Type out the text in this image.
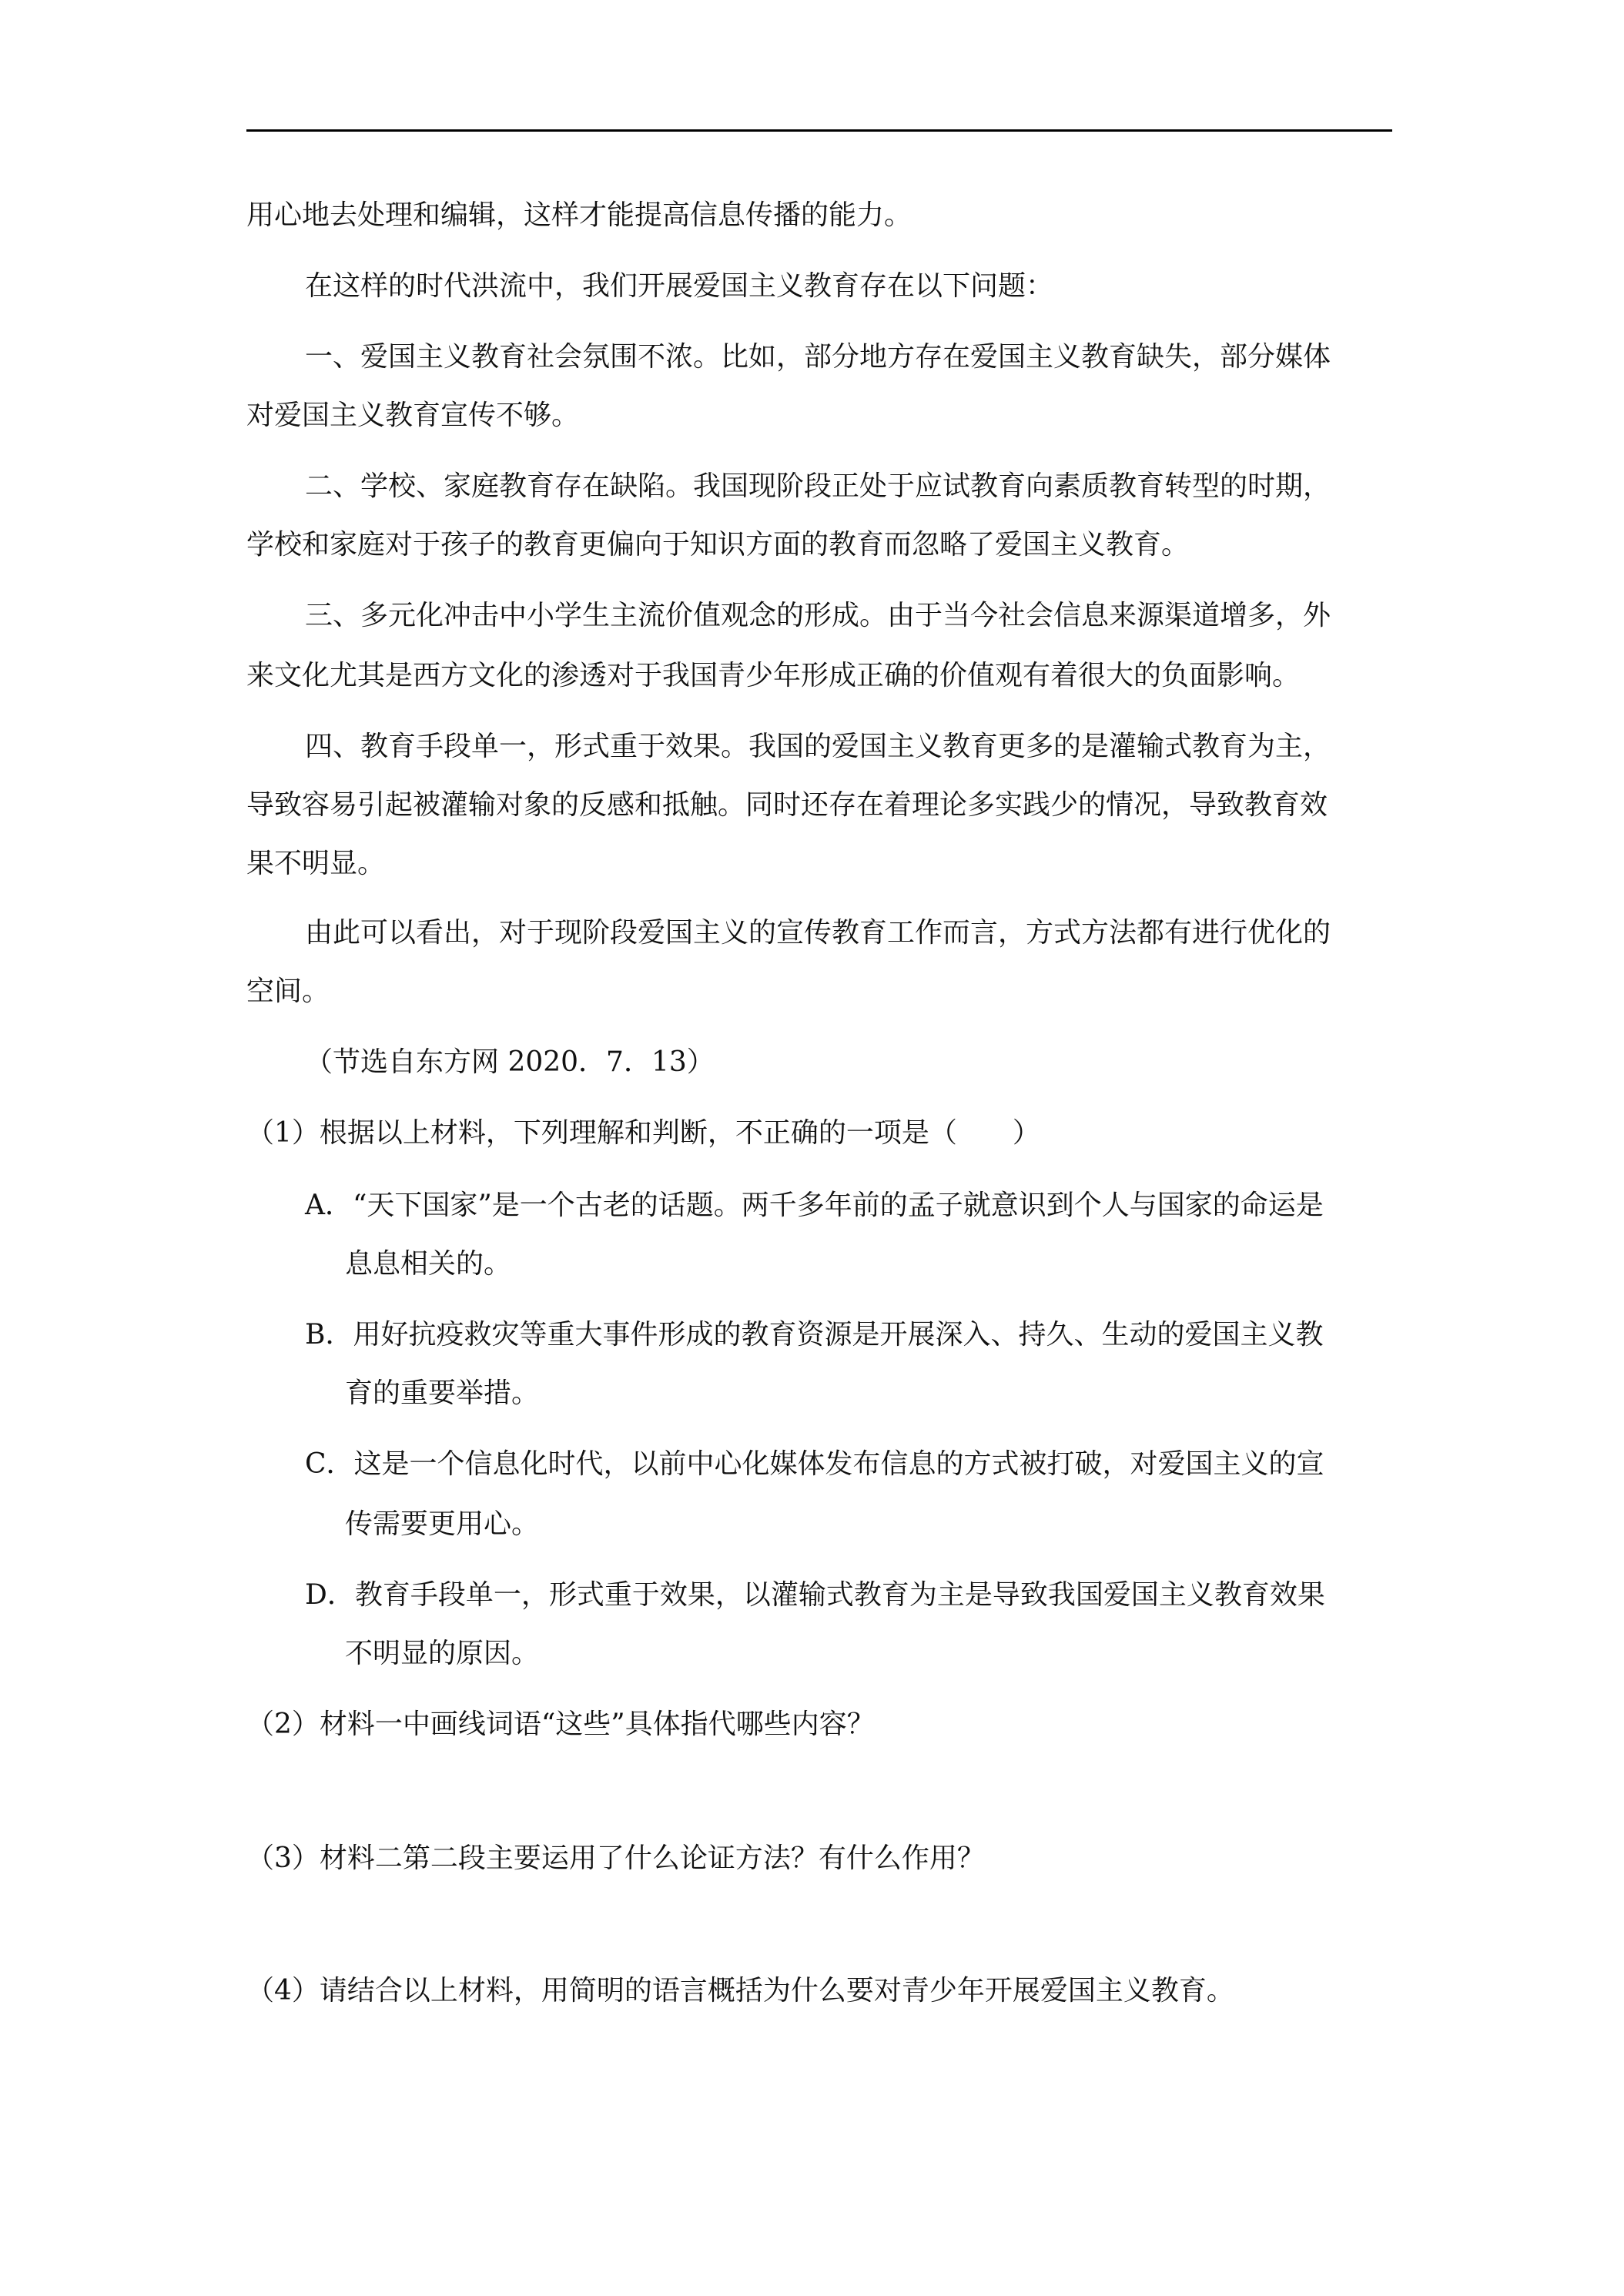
用心地去处理和编辑，这样才能提高信息传播的能力。
在这样的时代洪流中，我们开展爱国主义教育存在以下问题：
一、爱国主义教育社会氛围不浓。比如，部分地方存在爱国主义教育缺失，部分媒体
对爱国主义教育宣传不够。
二、学校、家庭教育存在缺陷。我国现阶段正处于应试教育向素质教育转型的时期，
学校和家庭对于孩子的教育更偏向于知识方面的教育而忽略了爱国主义教育。
三、多元化冲击中小学生主流价值观念的形成。由于当今社会信息来源渠道增多，外
来文化尤其是西方文化的渗透对于我国青少年形成正确的价值观有着很大的负面影响。
四、教育手段单一，形式重于效果。我国的爱国主义教育更多的是灌输式教育为主，
导致容易引起被灌输对象的反感和抵触。同时还存在着理论多实践少的情况，导致教育效
果不明显。
由此可以看出，对于现阶段爱国主义的宣传教育工作而言，方式方法都有进行优化的
空间。
（节选自东方网 2020．7．13）
（1）根据以上材料，下列理解和判断，不正确的一项是（　　）
A．“天下国家”是一个古老的话题。两千多年前的孟子就意识到个人与国家的命运是
息息相关的。
B．用好抗疫救灾等重大事件形成的教育资源是开展深入、持久、生动的爱国主义教
育的重要举措。
C．这是一个信息化时代，以前中心化媒体发布信息的方式被打破，对爱国主义的宣
传需要更用心。
D．教育手段单一，形式重于效果，以灌输式教育为主是导致我国爱国主义教育效果
不明显的原因。
（2）材料一中画线词语“这些”具体指代哪些内容？
（3）材料二第二段主要运用了什么论证方法？有什么作用？
（4）请结合以上材料，用简明的语言概括为什么要对青少年开展爱国主义教育。
